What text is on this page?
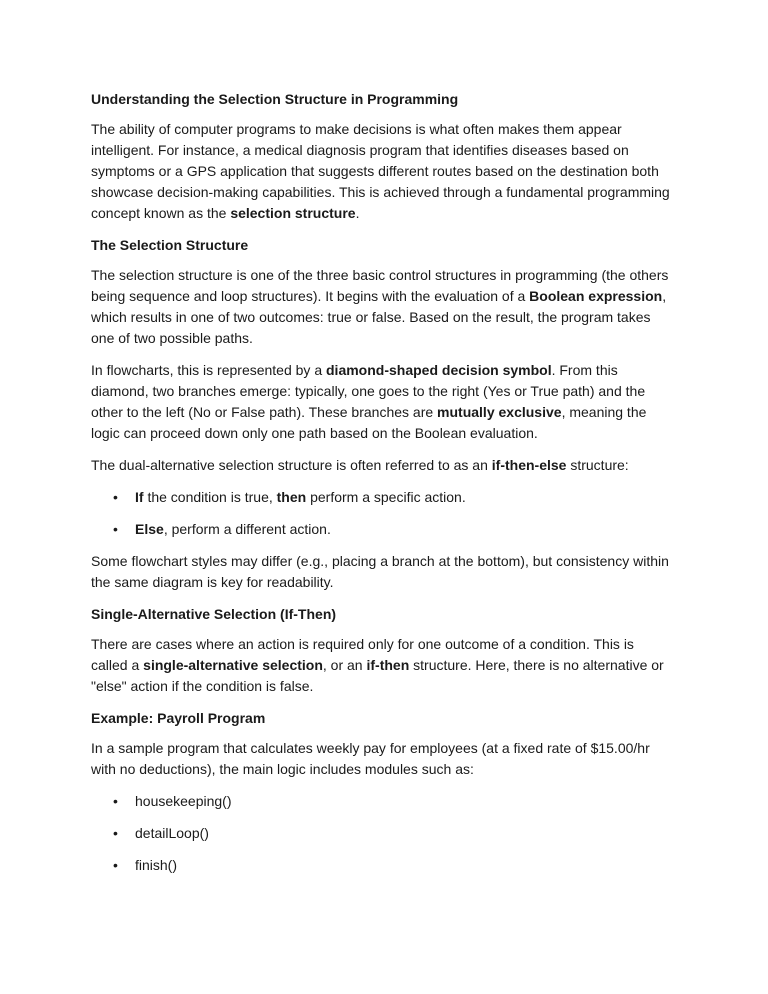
Understanding the Selection Structure in Programming

The ability of computer programs to make decisions is what often makes them appear intelligent. For instance, a medical diagnosis program that identifies diseases based on symptoms or a GPS application that suggests different routes based on the destination both showcase decision-making capabilities. This is achieved through a fundamental programming concept known as the selection structure.

The Selection Structure

The selection structure is one of the three basic control structures in programming (the others being sequence and loop structures). It begins with the evaluation of a Boolean expression, which results in one of two outcomes: true or false. Based on the result, the program takes one of two possible paths.

In flowcharts, this is represented by a diamond-shaped decision symbol. From this diamond, two branches emerge: typically, one goes to the right (Yes or True path) and the other to the left (No or False path). These branches are mutually exclusive, meaning the logic can proceed down only one path based on the Boolean evaluation.

The dual-alternative selection structure is often referred to as an if-then-else structure:

• If the condition is true, then perform a specific action.
• Else, perform a different action.

Some flowchart styles may differ (e.g., placing a branch at the bottom), but consistency within the same diagram is key for readability.

Single-Alternative Selection (If-Then)

There are cases where an action is required only for one outcome of a condition. This is called a single-alternative selection, or an if-then structure. Here, there is no alternative or "else" action if the condition is false.

Example: Payroll Program

In a sample program that calculates weekly pay for employees (at a fixed rate of $15.00/hr with no deductions), the main logic includes modules such as:

• housekeeping()
• detailLoop()
• finish()
